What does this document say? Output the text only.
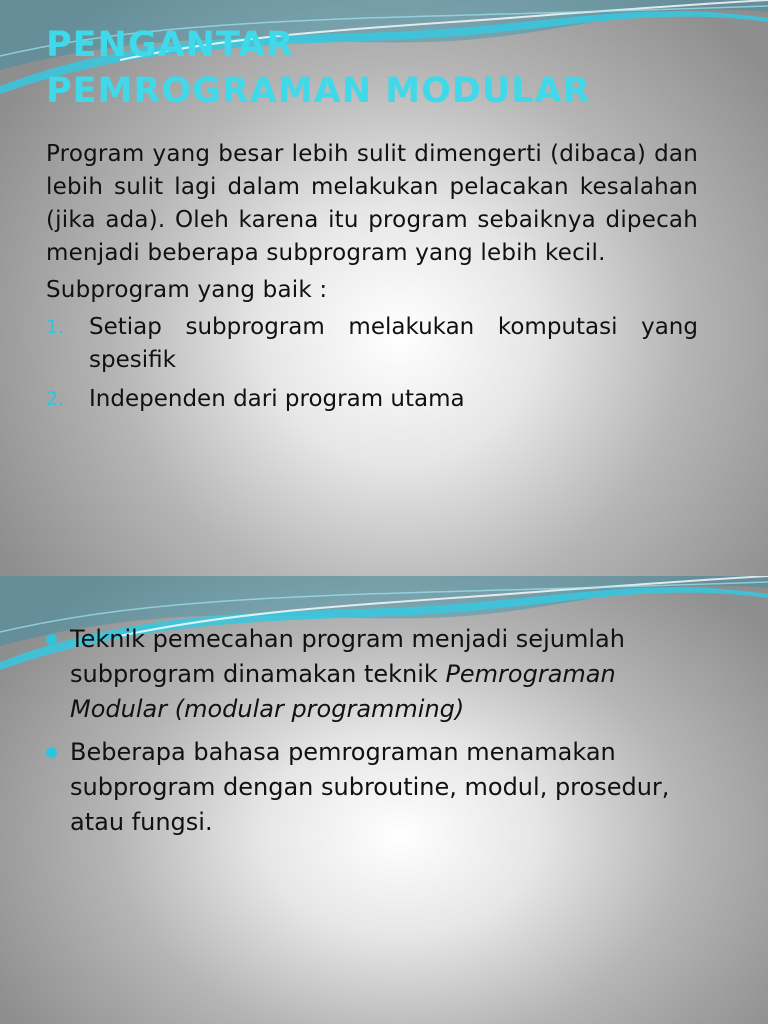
PENGANTAR
PEMROGRAMAN MODULAR

Program yang besar lebih sulit dimengerti (dibaca) dan lebih sulit lagi dalam melakukan pelacakan kesalahan (jika ada). Oleh karena itu program sebaiknya dipecah menjadi beberapa subprogram yang lebih kecil.

Subprogram yang baik :

1. Setiap subprogram melakukan komputasi yang spesifik
2. Independen dari program utama
Teknik pemecahan program menjadi sejumlah subprogram dinamakan teknik Pemrograman Modular (modular programming)
Beberapa bahasa pemrograman menamakan subprogram dengan subroutine, modul, prosedur, atau fungsi.
